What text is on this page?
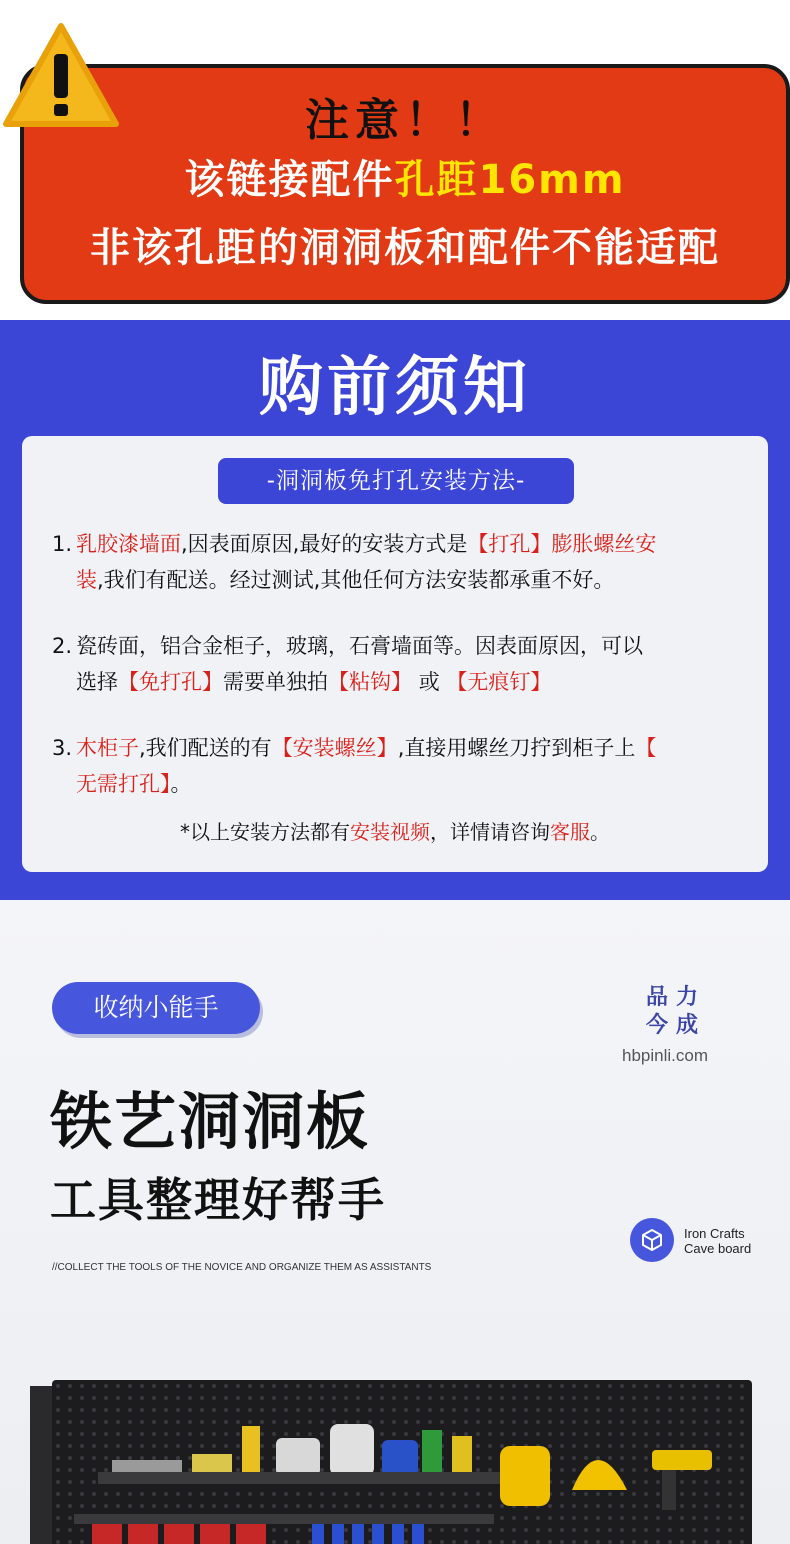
注意！！
该链接配件孔距16mm
非该孔距的洞洞板和配件不能适配
购前须知
-洞洞板免打孔安装方法-
1. 乳胶漆墙面,因表面原因,最好的安装方式是【打孔】膨胀螺丝安
装,我们有配送。经过测试,其他任何方法安装都承重不好。
2. 瓷砖面，铝合金柜子，玻璃，石膏墙面等。因表面原因，可以
选择【免打孔】需要单独拍【粘钩】 或 【无痕钉】
3. 木柜子,我们配送的有【安装螺丝】,直接用螺丝刀拧到柜子上【
无需打孔】。
*以上安装方法都有安装视频，详情请咨询客服。
收纳小能手	品 力
今 成
hbpinli.com
铁艺洞洞板
工具整理好帮手
Iron Crafts
Cave board
//COLLECT THE TOOLS OF THE NOVICE AND ORGANIZE THEM AS ASSISTANTS
